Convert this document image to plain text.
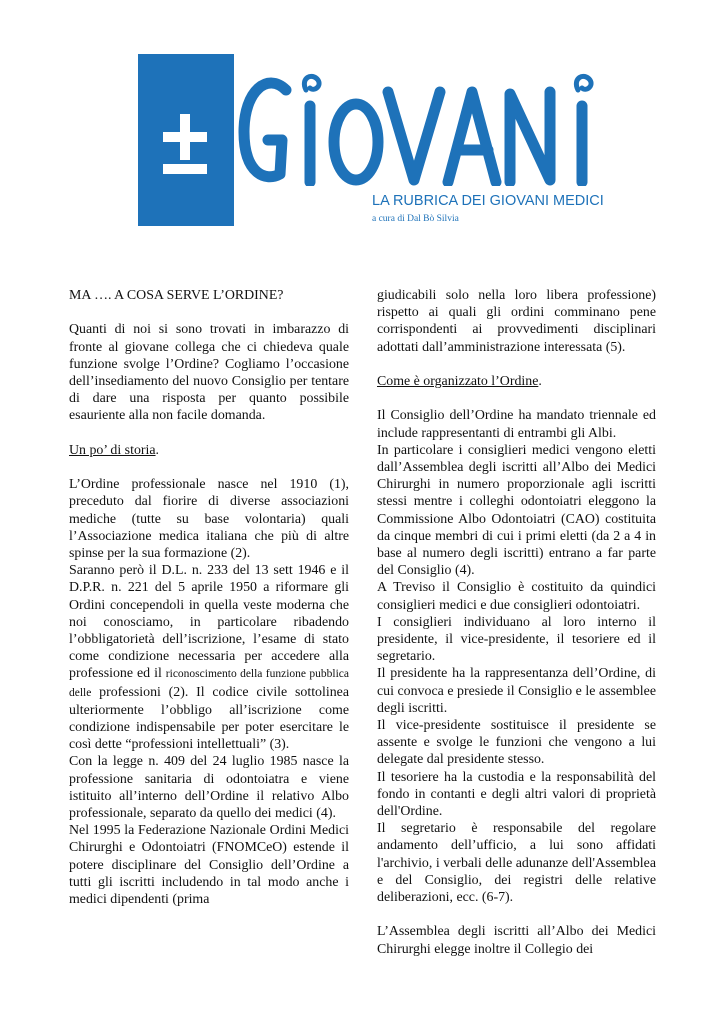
LA RUBRICA DEI GIOVANI MEDICI
a cura di Dal Bò Silvia

MA …. A COSA SERVE L’ORDINE?

Quanti di noi si sono trovati in imbarazzo di fronte al giovane collega che ci chiedeva quale funzione svolge l’Ordine? Cogliamo l’occasione dell’insediamento del nuovo Consiglio per tentare di dare una risposta per quanto possibile esauriente alla non facile domanda.

Un po’ di storia.

L’Ordine professionale nasce nel 1910 (1), preceduto dal fiorire di diverse associazioni mediche (tutte su base volontaria) quali l’Associazione medica italiana che più di altre spinse per la sua formazione (2).

Saranno però il D.L. n. 233 del 13 sett 1946 e il D.P.R. n. 221 del 5 aprile 1950 a riformare gli Ordini concependoli in quella veste moderna che noi conosciamo, in particolare ribadendo l’obbligatorietà dell’iscrizione, l’esame di stato come condizione necessaria per accedere alla professione ed il riconoscimento della funzione pubblica delle professioni (2). Il codice civile sottolinea ulteriormente l’obbligo all’iscrizione come condizione indispensabile per poter esercitare le così dette “professioni intellettuali” (3).

Con la legge n. 409 del 24 luglio 1985 nasce la professione sanitaria di odontoiatra e viene istituito all’interno dell’Ordine il relativo Albo professionale, separato da quello dei medici (4).

Nel 1995 la Federazione Nazionale Ordini Medici Chirurghi e Odontoiatri (FNOMCeO) estende il potere disciplinare del Consiglio dell’Ordine a tutti gli iscritti includendo in tal modo anche i medici dipendenti (prima

giudicabili solo nella loro libera professione) rispetto ai quali gli ordini comminano pene corrispondenti ai provvedimenti disciplinari adottati dall’amministrazione interessata (5).

Come è organizzato l’Ordine.

Il Consiglio dell’Ordine ha mandato triennale ed include rappresentanti di entrambi gli Albi.

In particolare i consiglieri medici vengono eletti dall’Assemblea degli iscritti all’Albo dei Medici Chirurghi in numero proporzionale agli iscritti stessi mentre i colleghi odontoiatri eleggono la Commissione Albo Odontoiatri (CAO) costituita da cinque membri di cui i primi eletti (da 2 a 4 in base al numero degli iscritti) entrano a far parte del Consiglio (4).

A Treviso il Consiglio è costituito da quindici consiglieri medici e due consiglieri odontoiatri.

I consiglieri individuano al loro interno il presidente, il vice-presidente, il tesoriere ed il segretario.

Il presidente ha la rappresentanza dell’Ordine, di cui convoca e presiede il Consiglio e le assemblee degli iscritti.

Il vice-presidente sostituisce il presidente se assente e svolge le funzioni che vengono a lui delegate dal presidente stesso.

Il tesoriere ha la custodia e la responsabilità del fondo in contanti e degli altri valori di proprietà dell'Ordine.

Il segretario è responsabile del regolare andamento dell’ufficio, a lui sono affidati l'archivio, i verbali delle adunanze dell'Assemblea e del Consiglio, dei registri delle relative deliberazioni, ecc. (6-7).

L’Assemblea degli iscritti all’Albo dei Medici Chirurghi elegge inoltre il Collegio dei
